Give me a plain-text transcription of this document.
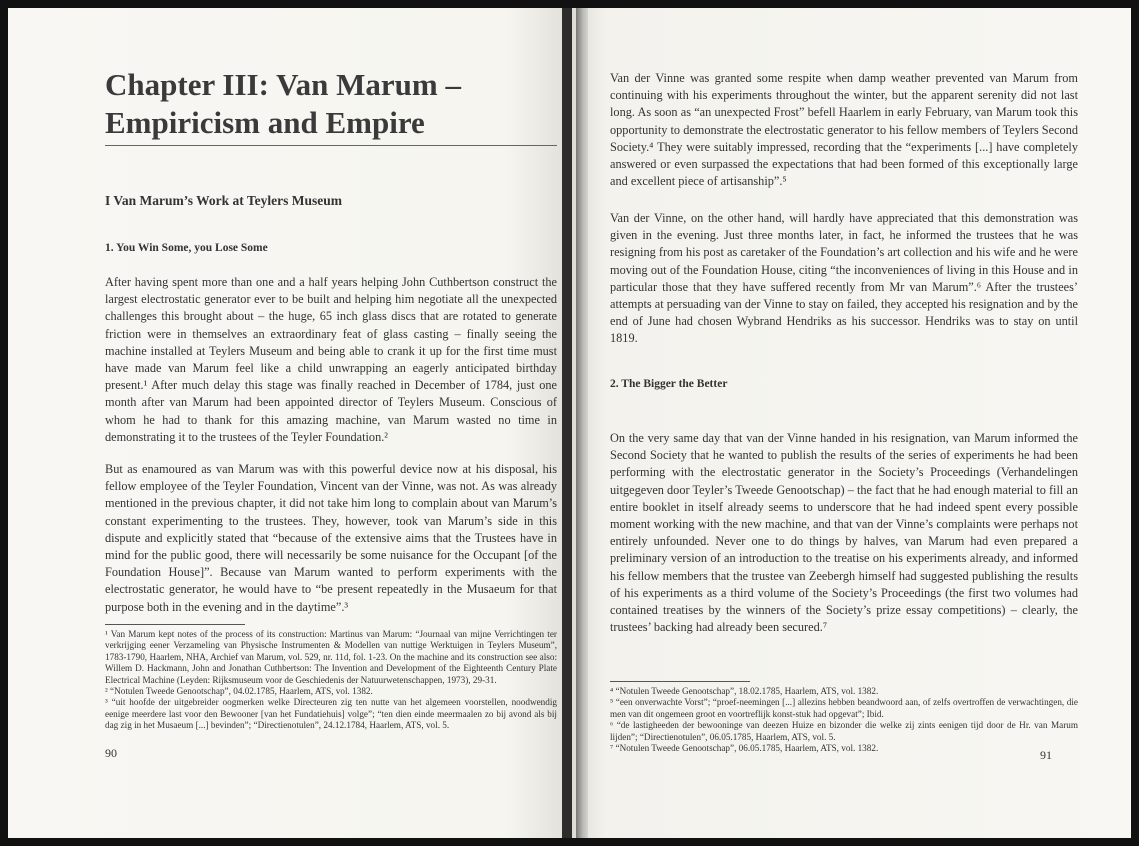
Chapter III: Van Marum – Empiricism and Empire
I Van Marum’s Work at Teylers Museum
1. You Win Some, you Lose Some

After having spent more than one and a half years helping John Cuthbertson construct the largest electrostatic generator ever to be built and helping him negotiate all the unexpected challenges this brought about – the huge, 65 inch glass discs that are rotated to generate friction were in themselves an extraordinary feat of glass casting – finally seeing the machine installed at Teylers Museum and being able to crank it up for the first time must have made van Marum feel like a child unwrapping an eagerly anticipated birthday present.¹ After much delay this stage was finally reached in December of 1784, just one month after van Marum had been appointed director of Teylers Museum. Conscious of whom he had to thank for this amazing machine, van Marum wasted no time in demonstrating it to the trustees of the Teyler Foundation.²

But as enamoured as van Marum was with this powerful device now at his disposal, his fellow employee of the Teyler Foundation, Vincent van der Vinne, was not. As was already mentioned in the previous chapter, it did not take him long to complain about van Marum’s constant experimenting to the trustees. They, however, took van Marum’s side in this dispute and explicitly stated that “because of the extensive aims that the Trustees have in mind for the public good, there will necessarily be some nuisance for the Occupant [of the Foundation House]”. Because van Marum wanted to perform experiments with the electrostatic generator, he would have to “be present repeatedly in the Musaeum for that purpose both in the evening and in the daytime”.³

¹ Van Marum kept notes of the process of its construction: Martinus van Marum: “Journaal van mijne Verrichtingen ter verkrijging eener Verzameling van Physische Instrumenten & Modellen van nuttige Werktuigen in Teylers Museum”, 1783-1790, Haarlem, NHA, Archief van Marum, vol. 529, nr. 11d, fol. 1-23. On the machine and its construction see also: Willem D. Hackmann, John and Jonathan Cuthbertson: The Invention and Development of the Eighteenth Century Plate Electrical Machine (Leyden: Rijksmuseum voor de Geschiedenis der Natuurwetenschappen, 1973), 29-31.

² “Notulen Tweede Genootschap”, 04.02.1785, Haarlem, ATS, vol. 1382.

³ “uit hoofde der uitgebreider oogmerken welke Directeuren zig ten nutte van het algemeen voorstellen, noodwendig eenige meerdere last voor den Bewooner [van het Fundatiehuis] volge”; “ten dien einde meermaalen zo bij avond als bij dag zig in het Musaeum [...] bevinden”; “Directienotulen”, 24.12.1784, Haarlem, ATS, vol. 5.

90

Van der Vinne was granted some respite when damp weather prevented van Marum from continuing with his experiments throughout the winter, but the apparent serenity did not last long. As soon as “an unexpected Frost” befell Haarlem in early February, van Marum took this opportunity to demonstrate the electrostatic generator to his fellow members of Teylers Second Society.⁴ They were suitably impressed, recording that the “experiments [...] have completely answered or even surpassed the expectations that had been formed of this exceptionally large and excellent piece of artisanship”.⁵

Van der Vinne, on the other hand, will hardly have appreciated that this demonstration was given in the evening. Just three months later, in fact, he informed the trustees that he was resigning from his post as caretaker of the Foundation’s art collection and his wife and he were moving out of the Foundation House, citing “the inconveniences of living in this House and in particular those that they have suffered recently from Mr van Marum”.⁶ After the trustees’ attempts at persuading van der Vinne to stay on failed, they accepted his resignation and by the end of June had chosen Wybrand Hendriks as his successor. Hendriks was to stay on until 1819.

2. The Bigger the Better

On the very same day that van der Vinne handed in his resignation, van Marum informed the Second Society that he wanted to publish the results of the series of experiments he had been performing with the electrostatic generator in the Society’s Proceedings (Verhandelingen uitgegeven door Teyler’s Tweede Genootschap) – the fact that he had enough material to fill an entire booklet in itself already seems to underscore that he had indeed spent every possible moment working with the new machine, and that van der Vinne’s complaints were perhaps not entirely unfounded. Never one to do things by halves, van Marum had even prepared a preliminary version of an introduction to the treatise on his experiments already, and informed his fellow members that the trustee van Zeebergh himself had suggested publishing the results of his experiments as a third volume of the Society’s Proceedings (the first two volumes had contained treatises by the winners of the Society’s prize essay competitions) – clearly, the trustees’ backing had already been secured.⁷

⁴ “Notulen Tweede Genootschap”, 18.02.1785, Haarlem, ATS, vol. 1382.

⁵ “een onverwachte Vorst”; “proef-neemingen [...] allezins hebben beandwoord aan, of zelfs overtroffen de verwachtingen, die men van dit ongemeen groot en voortreflijk konst-stuk had opgevat”; Ibid.

⁶ “de lastigheeden der bewooninge van deezen Huize en bizonder die welke zij zints eenigen tijd door de Hr. van Marum lijden”; “Directienotulen”, 06.05.1785, Haarlem, ATS, vol. 5.

⁷ “Notulen Tweede Genootschap”, 06.05.1785, Haarlem, ATS, vol. 1382.	91
